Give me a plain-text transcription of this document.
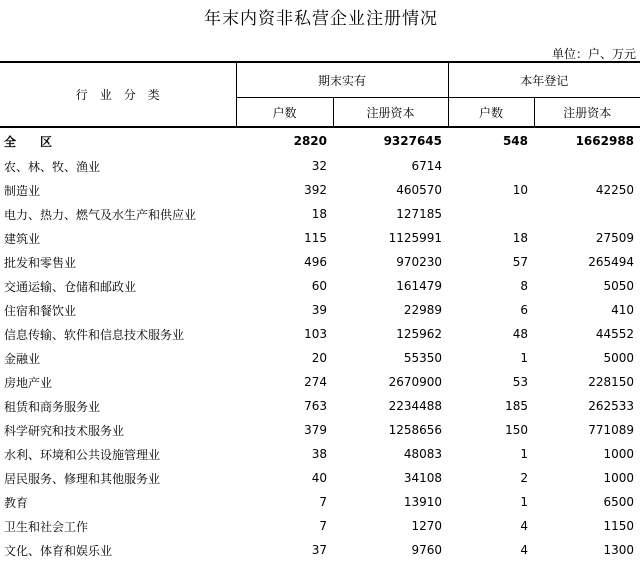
年末内资非私营企业注册情况
单位：户、万元
行　业　分　类	期末实有		本年登记	
	户数	注册资本	户数	注册资本
全　　区	2820	9327645	548	1662988
农、林、牧、渔业	32	6714		
制造业	392	460570	10	42250
电力、热力、燃气及水生产和供应业	18	127185		
建筑业	115	1125991	18	27509
批发和零售业	496	970230	57	265494
交通运输、仓储和邮政业	60	161479	8	5050
住宿和餐饮业	39	22989	6	410
信息传输、软件和信息技术服务业	103	125962	48	44552
金融业	20	55350	1	5000
房地产业	274	2670900	53	228150
租赁和商务服务业	763	2234488	185	262533
科学研究和技术服务业	379	1258656	150	771089
水利、环境和公共设施管理业	38	48083	1	1000
居民服务、修理和其他服务业	40	34108	2	1000
教育	7	13910	1	6500
卫生和社会工作	7	1270	4	1150
文化、体育和娱乐业	37	9760	4	1300
